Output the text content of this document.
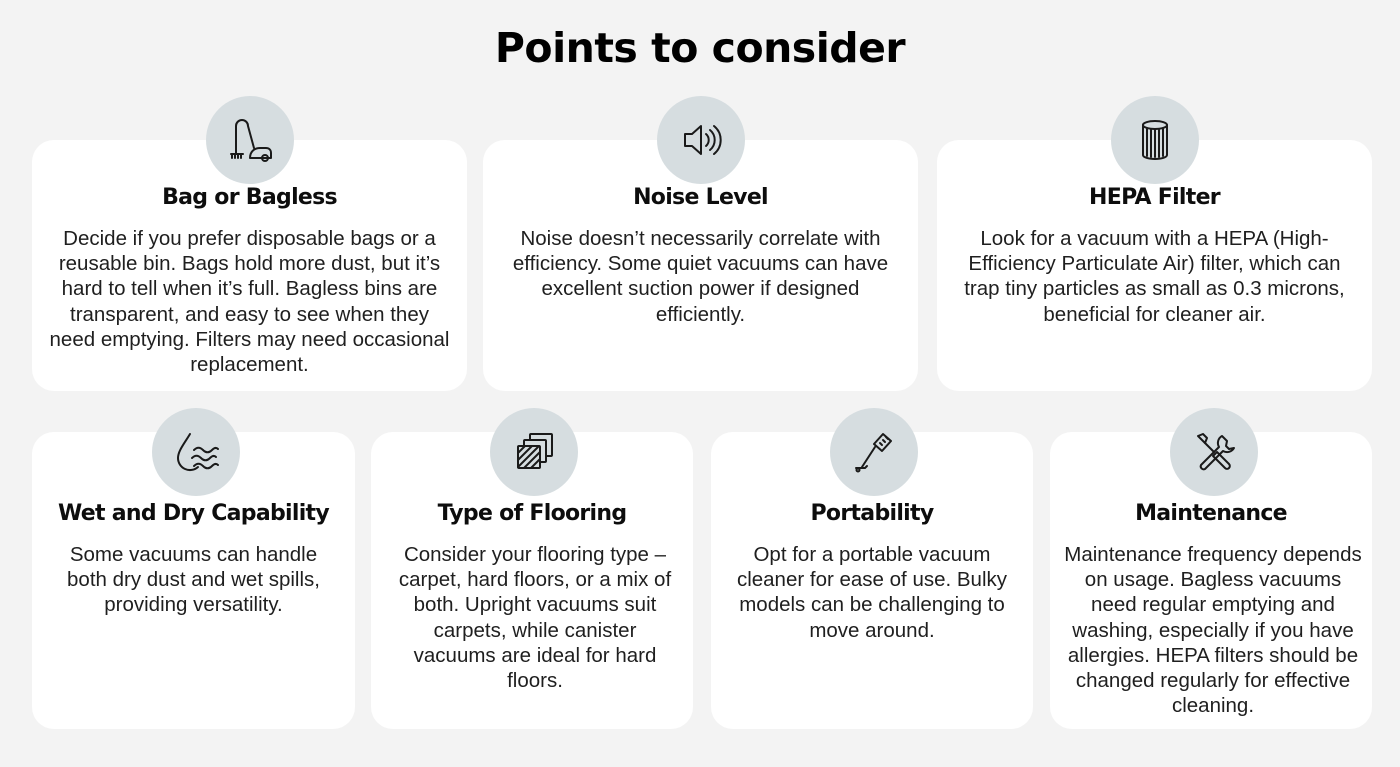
Points to consider
Bag or Bagless
Decide if you prefer disposable bags or a reusable bin. Bags hold more dust, but it’s hard to tell when it’s full. Bagless bins are transparent, and easy to see when they need emptying. Filters may need occasional replacement.
Noise Level
Noise doesn’t necessarily correlate with efficiency. Some quiet vacuums can have excellent suction power if designed efficiently.
HEPA Filter
Look for a vacuum with a HEPA (High-Efficiency Particulate Air) filter, which can trap tiny particles as small as 0.3 microns, beneficial for cleaner air.
Wet and Dry Capability
Some vacuums can handle both dry dust and wet spills, providing versatility.
Type of Flooring
Consider your flooring type – carpet, hard floors, or a mix of both. Upright vacuums suit carpets, while canister vacuums are ideal for hard floors.
Portability
Opt for a portable vacuum cleaner for ease of use. Bulky models can be challenging to move around.
Maintenance
Maintenance frequency depends on usage. Bagless vacuums need regular emptying and washing, especially if you have allergies. HEPA filters should be changed regularly for effective cleaning.
